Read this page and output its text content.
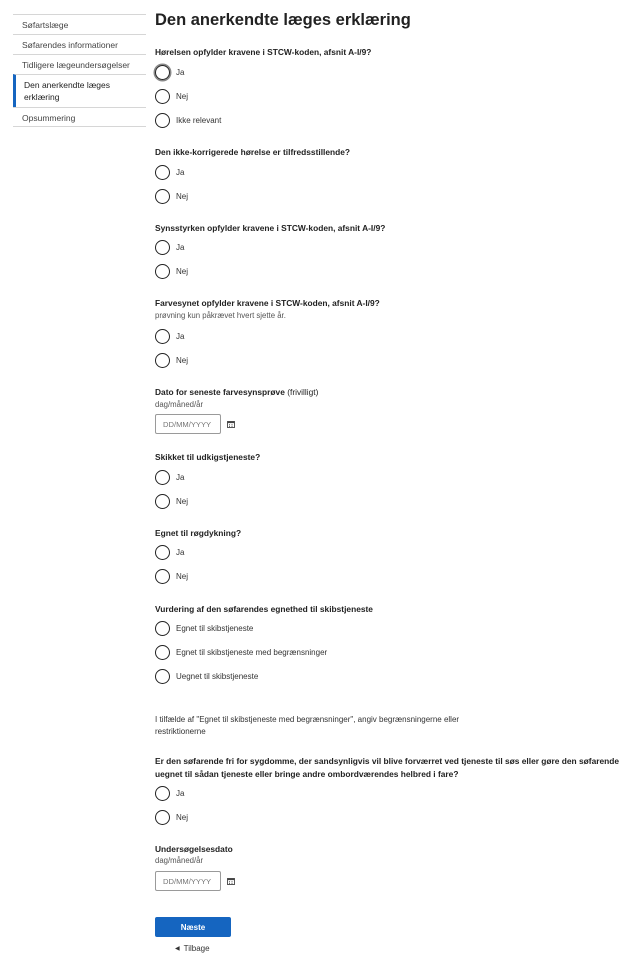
Søfartslæge
Søfarendes informationer
Tidligere lægeundersøgelser
Den anerkendte læges erklæring
Opsummering
Den anerkendte læges erklæring
Hørelsen opfylder kravene i STCW-koden, afsnit A-I/9?
Ja
Nej
Ikke relevant
Den ikke-korrigerede hørelse er tilfredsstillende?
Ja
Nej
Synsstyrken opfylder kravene i STCW-koden, afsnit A-I/9?
Ja
Nej
Farvesynet opfylder kravene i STCW-koden, afsnit A-I/9?
prøvning kun påkrævet hvert sjette år.
Ja
Nej
Dato for seneste farvesynsprøve (frivilligt)
dag/måned/år
DD/MM/YYYY
Skikket til udkigstjeneste?
Ja
Nej
Egnet til røgdykning?
Ja
Nej
Vurdering af den søfarendes egnethed til skibstjeneste
Egnet til skibstjeneste
Egnet til skibstjeneste med begrænsninger
Uegnet til skibstjeneste
I tilfælde af "Egnet til skibstjeneste med begrænsninger", angiv begrænsningerne eller restriktionerne
Er den søfarende fri for sygdomme, der sandsynligvis vil blive forværret ved tjeneste til søs eller gøre den søfarende uegnet til sådan tjeneste eller bringe andre ombordværendes helbred i fare?
Ja
Nej
Undersøgelsesdato
dag/måned/år
DD/MM/YYYY
Næste
◀ Tilbage
